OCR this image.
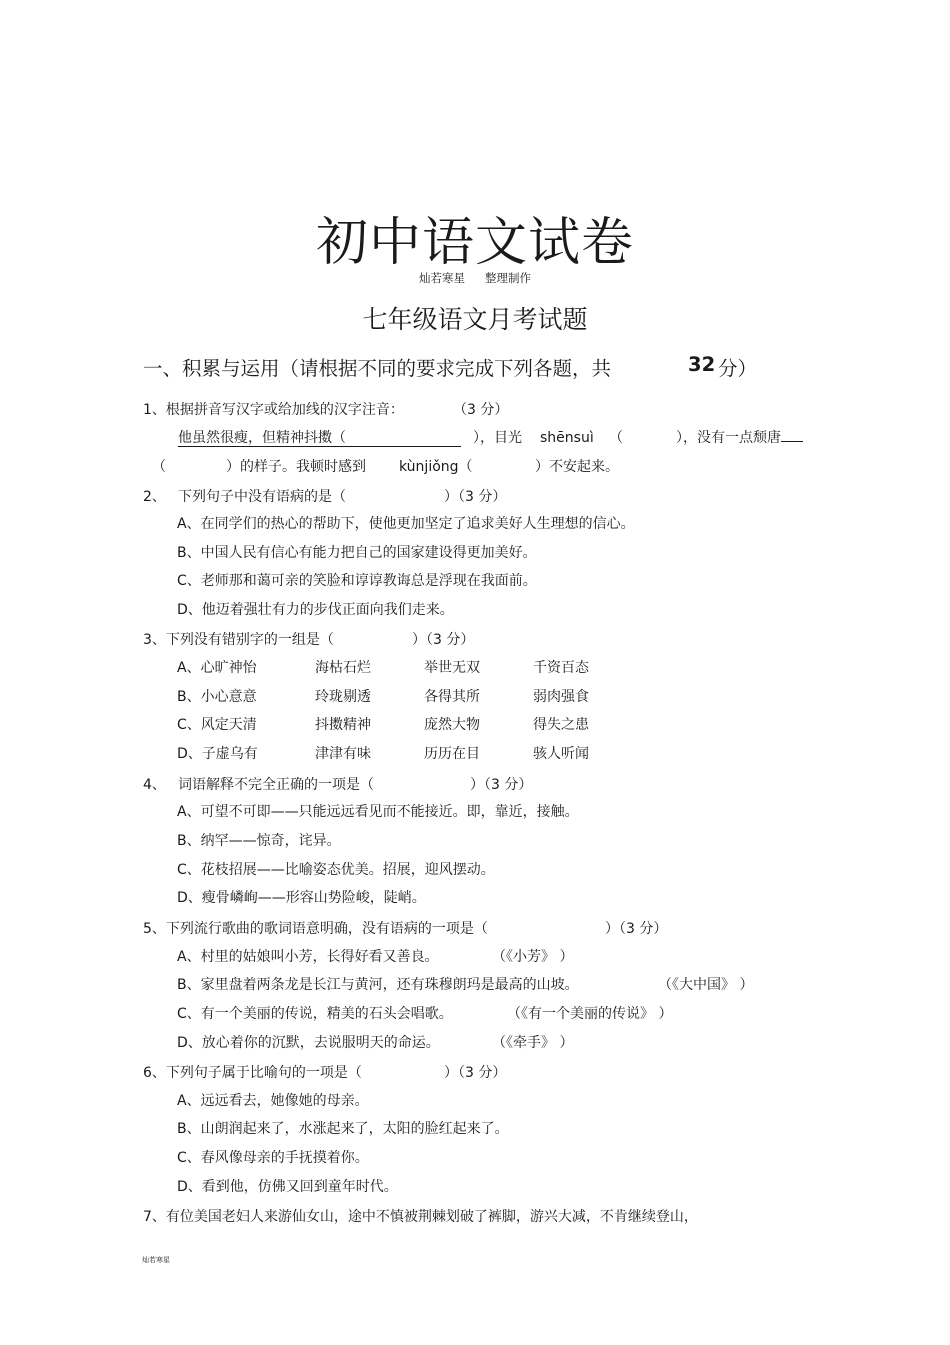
初中语文试卷
灿若寒星 整理制作
七年级语文月考试题
一、积累与运用（请根据不同的要求完成下列各题，共	32 分）
1、根据拼音写汉字或给加线的汉字注音：	（3 分）
他虽然很瘦，但精神抖擞（	），目光 shēnsuì （	），没有一点颓唐
（	）的样子。我顿时感到 kùnjiǒng（	）不安起来。
2、 下列句子中没有语病的是（	）（3 分）
A、在同学们的热心的帮助下，使他更加坚定了追求美好人生理想的信心。
B、中国人民有信心有能力把自己的国家建设得更加美好。
C、老师那和蔼可亲的笑脸和谆谆教诲总是浮现在我面前。
D、他迈着强壮有力的步伐正面向我们走来。
3、下列没有错别字的一组是（	）（3 分）
A、心旷神怡	海枯石烂	举世无双	千资百态
B、小心意意	玲珑剔透	各得其所	弱肉强食
C、风定天清	抖擞精神	庞然大物	得失之患
D、子虚乌有	津津有味	历历在目	骇人听闻
4、 词语解释不完全正确的一项是（	）（3 分）
A、可望不可即——只能远远看见而不能接近。即，靠近，接触。
B、纳罕——惊奇，诧异。
C、花枝招展——比喻姿态优美。招展，迎风摆动。
D、瘦骨嶙峋——形容山势险峻，陡峭。
5、下列流行歌曲的歌词语意明确，没有语病的一项是（	）（3 分）
A、村里的姑娘叫小芳，长得好看又善良。	（《小芳》 ）
B、家里盘着两条龙是长江与黄河，还有珠穆朗玛是最高的山坡。	（《大中国》 ）
C、有一个美丽的传说，精美的石头会唱歌。	（《有一个美丽的传说》 ）
D、放心着你的沉默，去说服明天的命运。	（《牵手》 ）
6、下列句子属于比喻句的一项是（	）（3 分）
A、远远看去，她像她的母亲。
B、山朗润起来了，水涨起来了，太阳的脸红起来了。
C、春风像母亲的手抚摸着你。
D、看到他，仿佛又回到童年时代。
7、有位美国老妇人来游仙女山，途中不慎被荆棘划破了裤脚，游兴大减，不肯继续登山，
灿若寒星
